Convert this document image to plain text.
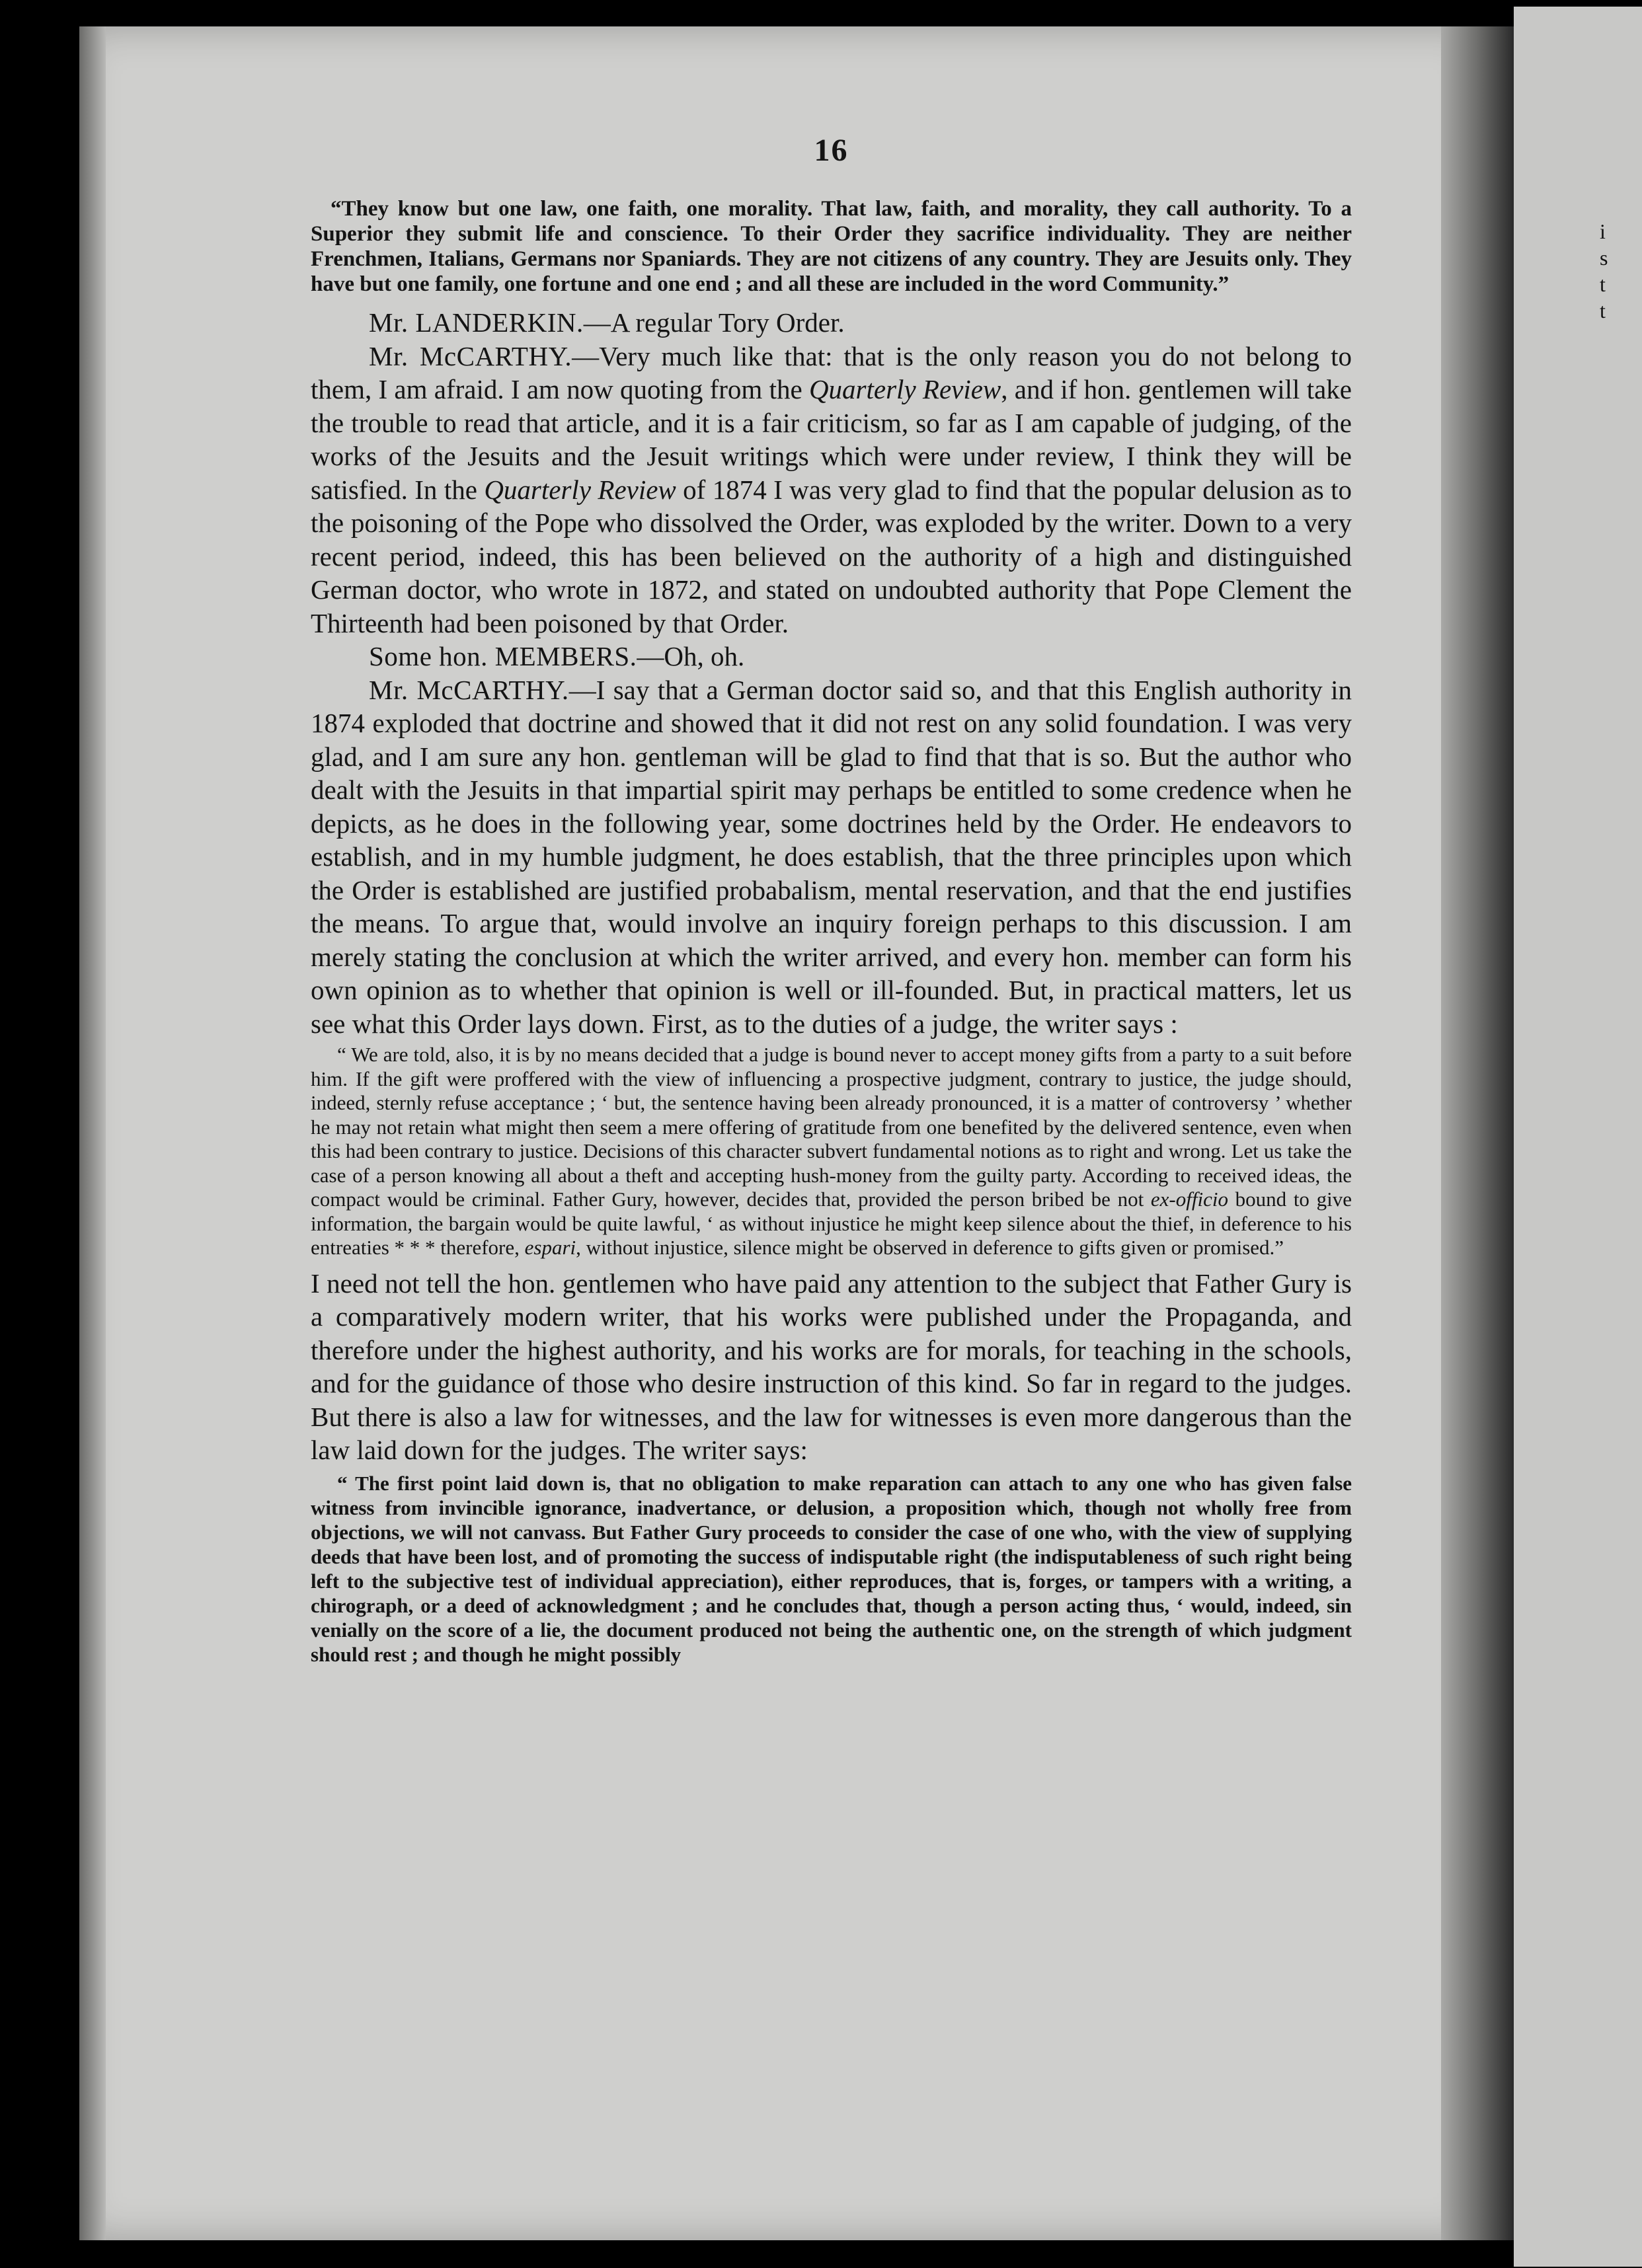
i
s
t
t
16

“They know but one law, one faith, one morality. That law, faith, and morality, they call authority. To a Superior they submit life and conscience. To their Order they sacrifice individuality. They are neither Frenchmen, Italians, Germans nor Spaniards. They are not citizens of any country. They are Jesuits only. They have but one family, one fortune and one end ; and all these are included in the word Community.”

Mr. LANDERKIN.—A regular Tory Order.

Mr. McCARTHY.—Very much like that: that is the only reason you do not belong to them, I am afraid. I am now quoting from the Quarterly Review, and if hon. gentlemen will take the trouble to read that article, and it is a fair criticism, so far as I am capable of judging, of the works of the Jesuits and the Jesuit writings which were under review, I think they will be satisfied. In the Quarterly Review of 1874 I was very glad to find that the popular delusion as to the poisoning of the Pope who dissolved the Order, was exploded by the writer. Down to a very recent period, indeed, this has been believed on the authority of a high and distinguished German doctor, who wrote in 1872, and stated on undoubted authority that Pope Clement the Thirteenth had been poisoned by that Order.

Some hon. MEMBERS.—Oh, oh.

Mr. McCARTHY.—I say that a German doctor said so, and that this English authority in 1874 exploded that doctrine and showed that it did not rest on any solid foundation. I was very glad, and I am sure any hon. gentleman will be glad to find that that is so. But the author who dealt with the Jesuits in that impartial spirit may perhaps be entitled to some credence when he depicts, as he does in the following year, some doctrines held by the Order. He endeavors to establish, and in my humble judgment, he does establish, that the three principles upon which the Order is established are justified probabalism, mental reservation, and that the end justifies the means. To argue that, would involve an inquiry foreign perhaps to this discussion. I am merely stating the conclusion at which the writer arrived, and every hon. member can form his own opinion as to whether that opinion is well or ill-founded. But, in practical matters, let us see what this Order lays down. First, as to the duties of a judge, the writer says :

“ We are told, also, it is by no means decided that a judge is bound never to accept money gifts from a party to a suit before him. If the gift were proffered with the view of influencing a prospective judgment, contrary to justice, the judge should, indeed, sternly refuse acceptance ; ‘ but, the sentence having been already pronounced, it is a matter of controversy ’ whether he may not retain what might then seem a mere offering of gratitude from one benefited by the delivered sentence, even when this had been contrary to justice. Decisions of this character subvert fundamental notions as to right and wrong. Let us take the case of a person knowing all about a theft and accepting hush-money from the guilty party. According to received ideas, the compact would be criminal. Father Gury, however, decides that, provided the person bribed be not ex-officio bound to give information, the bargain would be quite lawful, ‘ as without injustice he might keep silence about the thief, in deference to his entreaties * * * therefore, espari, without injustice, silence might be observed in deference to gifts given or promised.”

I need not tell the hon. gentlemen who have paid any attention to the subject that Father Gury is a comparatively modern writer, that his works were published under the Propaganda, and therefore under the highest authority, and his works are for morals, for teaching in the schools, and for the guidance of those who desire instruction of this kind. So far in regard to the judges. But there is also a law for witnesses, and the law for witnesses is even more dangerous than the law laid down for the judges. The writer says:

“ The first point laid down is, that no obligation to make reparation can attach to any one who has given false witness from invincible ignorance, inadvertance, or delusion, a proposition which, though not wholly free from objections, we will not canvass. But Father Gury proceeds to consider the case of one who, with the view of supplying deeds that have been lost, and of promoting the success of indisputable right (the indisputableness of such right being left to the subjective test of individual appreciation), either reproduces, that is, forges, or tampers with a writing, a chirograph, or a deed of acknowledgment ; and he concludes that, though a person acting thus, ‘ would, indeed, sin venially on the score of a lie, the document produced not being the authentic one, on the strength of which judgment should rest ; and though he might possibly
